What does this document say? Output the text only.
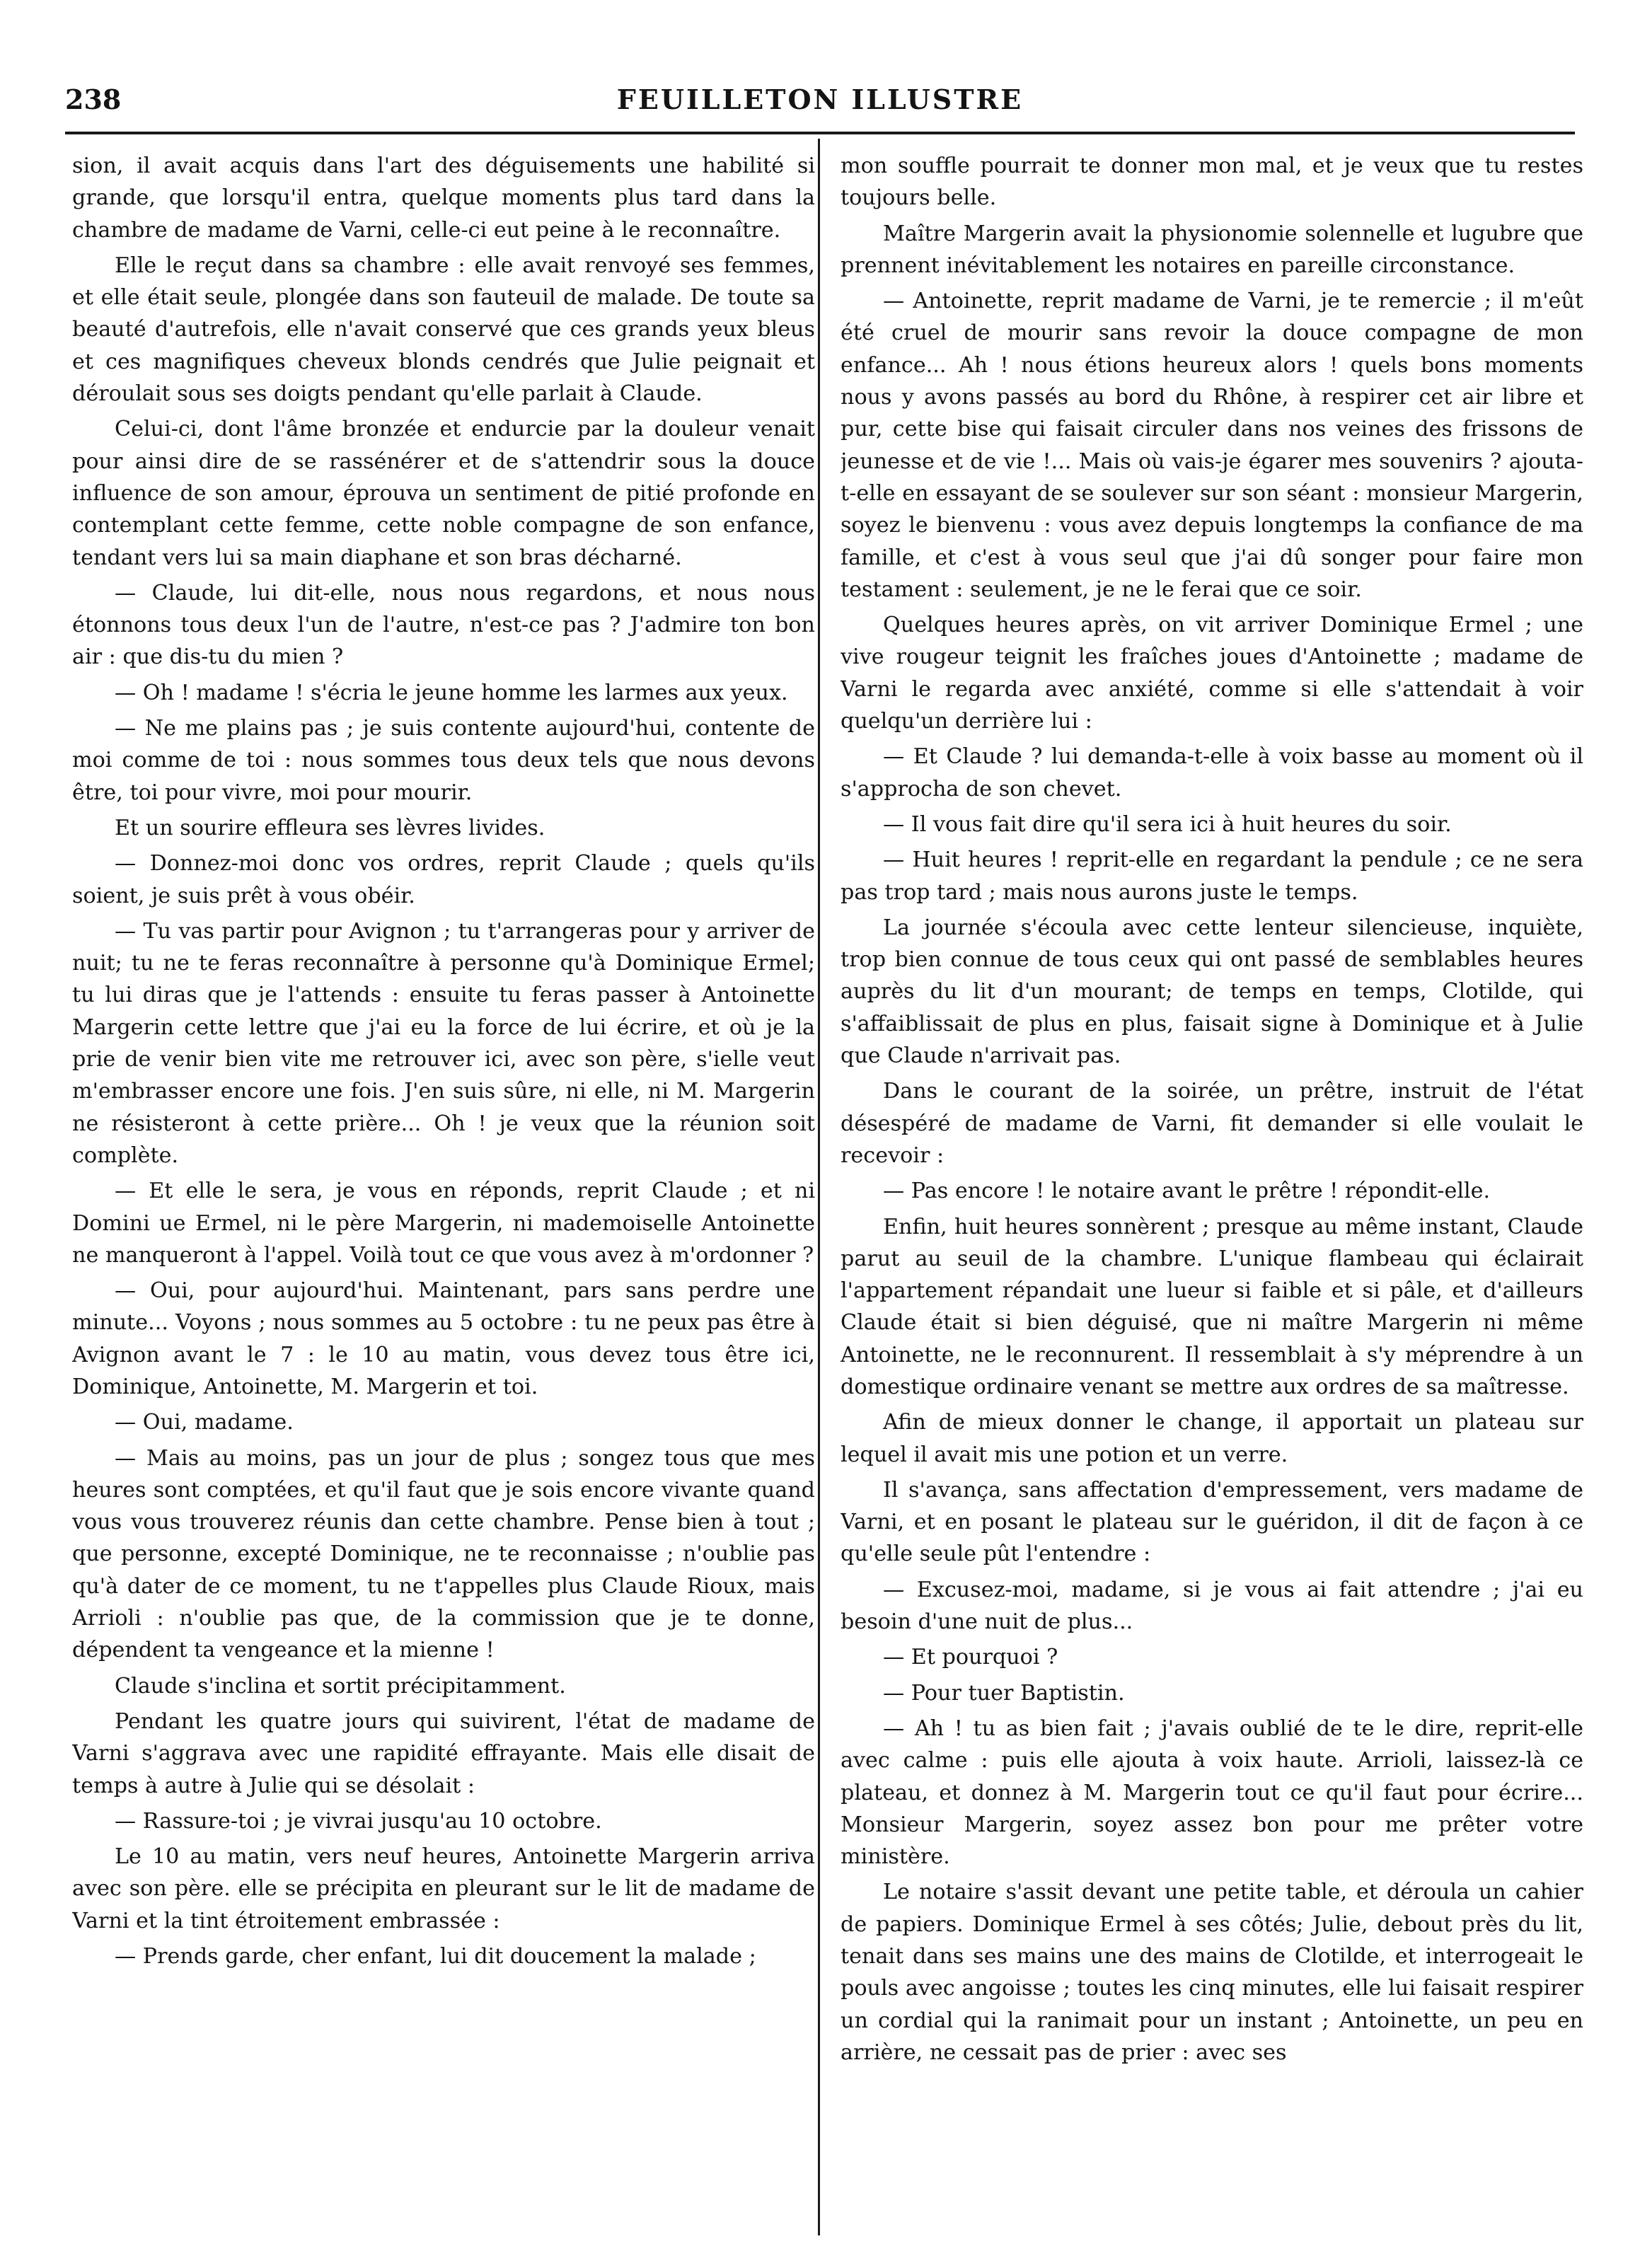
238	FEUILLETON ILLUSTRE

sion, il avait acquis dans l'art des déguisements une habilité si grande, que lorsqu'il entra, quelque moments plus tard dans la chambre de madame de Varni, celle-ci eut peine à le reconnaître.

Elle le reçut dans sa chambre : elle avait renvoyé ses femmes, et elle était seule, plongée dans son fauteuil de malade. De toute sa beauté d'autrefois, elle n'avait conservé que ces grands yeux bleus et ces magnifiques cheveux blonds cendrés que Julie peignait et déroulait sous ses doigts pendant qu'elle parlait à Claude.

Celui-ci, dont l'âme bronzée et endurcie par la douleur venait pour ainsi dire de se rassénérer et de s'attendrir sous la douce influence de son amour, éprouva un sentiment de pitié profonde en contemplant cette femme, cette noble compagne de son enfance, tendant vers lui sa main diaphane et son bras décharné.

— Claude, lui dit-elle, nous nous regardons, et nous nous étonnons tous deux l'un de l'autre, n'est-ce pas ? J'admire ton bon air : que dis-tu du mien ?

— Oh ! madame ! s'écria le jeune homme les larmes aux yeux.

— Ne me plains pas ; je suis contente aujourd'hui, contente de moi comme de toi : nous sommes tous deux tels que nous devons être, toi pour vivre, moi pour mourir.

Et un sourire effleura ses lèvres livides.

— Donnez-moi donc vos ordres, reprit Claude ; quels qu'ils soient, je suis prêt à vous obéir.

— Tu vas partir pour Avignon ; tu t'arrangeras pour y arriver de nuit; tu ne te feras reconnaître à personne qu'à Dominique Ermel; tu lui diras que je l'attends : ensuite tu feras passer à Antoinette Margerin cette lettre que j'ai eu la force de lui écrire, et où je la prie de venir bien vite me retrouver ici, avec son père, s'ielle veut m'embrasser encore une fois. J'en suis sûre, ni elle, ni M. Margerin ne résisteront à cette prière... Oh ! je veux que la réunion soit complète.

— Et elle le sera, je vous en réponds, reprit Claude ; et ni Domini ue Ermel, ni le père Margerin, ni mademoiselle Antoinette ne manqueront à l'appel. Voilà tout ce que vous avez à m'ordonner ?

— Oui, pour aujourd'hui. Maintenant, pars sans perdre une minute... Voyons ; nous sommes au 5 octobre : tu ne peux pas être à Avignon avant le 7 : le 10 au matin, vous devez tous être ici, Dominique, Antoinette, M. Margerin et toi.

— Oui, madame.

— Mais au moins, pas un jour de plus ; songez tous que mes heures sont comptées, et qu'il faut que je sois encore vivante quand vous vous trouverez réunis dan cette chambre. Pense bien à tout ; que personne, excepté Dominique, ne te reconnaisse ; n'oublie pas qu'à dater de ce moment, tu ne t'appelles plus Claude Rioux, mais Arrioli : n'oublie pas que, de la commission que je te donne, dépendent ta vengeance et la mienne !

Claude s'inclina et sortit précipitamment.

Pendant les quatre jours qui suivirent, l'état de madame de Varni s'aggrava avec une rapidité effrayante. Mais elle disait de temps à autre à Julie qui se désolait :

— Rassure-toi ; je vivrai jusqu'au 10 octobre.

Le 10 au matin, vers neuf heures, Antoinette Margerin arriva avec son père. elle se précipita en pleurant sur le lit de madame de Varni et la tint étroitement embrassée :

— Prends garde, cher enfant, lui dit doucement la malade ;

mon souffle pourrait te donner mon mal, et je veux que tu restes toujours belle.

Maître Margerin avait la physionomie solennelle et lugubre que prennent inévitablement les notaires en pareille circonstance.

— Antoinette, reprit madame de Varni, je te remercie ; il m'eût été cruel de mourir sans revoir la douce compagne de mon enfance... Ah ! nous étions heureux alors ! quels bons moments nous y avons passés au bord du Rhône, à respirer cet air libre et pur, cette bise qui faisait circuler dans nos veines des frissons de jeunesse et de vie !... Mais où vais-je égarer mes souvenirs ? ajouta-t-elle en essayant de se soulever sur son séant : monsieur Margerin, soyez le bienvenu : vous avez depuis longtemps la confiance de ma famille, et c'est à vous seul que j'ai dû songer pour faire mon testament : seulement, je ne le ferai que ce soir.

Quelques heures après, on vit arriver Dominique Ermel ; une vive rougeur teignit les fraîches joues d'Antoinette ; madame de Varni le regarda avec anxiété, comme si elle s'attendait à voir quelqu'un derrière lui :

— Et Claude ? lui demanda-t-elle à voix basse au moment où il s'approcha de son chevet.

— Il vous fait dire qu'il sera ici à huit heures du soir.

— Huit heures ! reprit-elle en regardant la pendule ; ce ne sera pas trop tard ; mais nous aurons juste le temps.

La journée s'écoula avec cette lenteur silencieuse, inquiète, trop bien connue de tous ceux qui ont passé de semblables heures auprès du lit d'un mourant; de temps en temps, Clotilde, qui s'affaiblissait de plus en plus, faisait signe à Dominique et à Julie que Claude n'arrivait pas.

Dans le courant de la soirée, un prêtre, instruit de l'état désespéré de madame de Varni, fit demander si elle voulait le recevoir :

— Pas encore ! le notaire avant le prêtre ! répondit-elle.

Enfin, huit heures sonnèrent ; presque au même instant, Claude parut au seuil de la chambre. L'unique flambeau qui éclairait l'appartement répandait une lueur si faible et si pâle, et d'ailleurs Claude était si bien déguisé, que ni maître Margerin ni même Antoinette, ne le reconnurent. Il ressemblait à s'y méprendre à un domestique ordinaire venant se mettre aux ordres de sa maîtresse.

Afin de mieux donner le change, il apportait un plateau sur lequel il avait mis une potion et un verre.

Il s'avança, sans affectation d'empressement, vers madame de Varni, et en posant le plateau sur le guéridon, il dit de façon à ce qu'elle seule pût l'entendre :

— Excusez-moi, madame, si je vous ai fait attendre ; j'ai eu besoin d'une nuit de plus...

— Et pourquoi ?

— Pour tuer Baptistin.

— Ah ! tu as bien fait ; j'avais oublié de te le dire, reprit-elle avec calme : puis elle ajouta à voix haute. Arrioli, laissez-là ce plateau, et donnez à M. Margerin tout ce qu'il faut pour écrire... Monsieur Margerin, soyez assez bon pour me prêter votre ministère.

Le notaire s'assit devant une petite table, et déroula un cahier de papiers. Dominique Ermel à ses côtés; Julie, debout près du lit, tenait dans ses mains une des mains de Clotilde, et interrogeait le pouls avec angoisse ; toutes les cinq minutes, elle lui faisait respirer un cordial qui la ranimait pour un instant ; Antoinette, un peu en arrière, ne cessait pas de prier : avec ses
